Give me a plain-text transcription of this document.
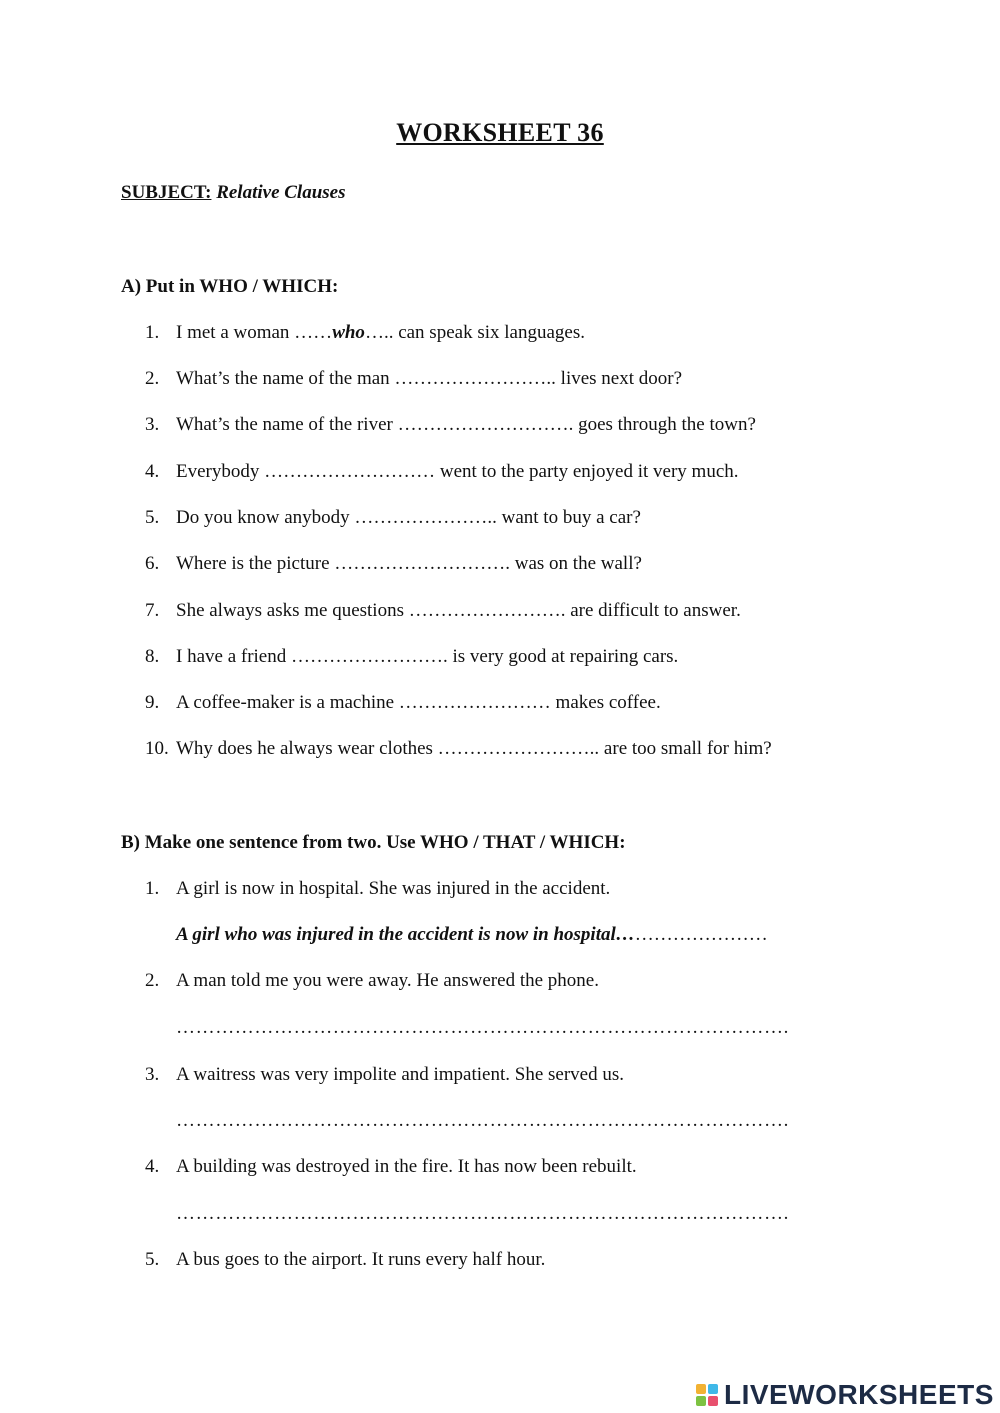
WORKSHEET 36
SUBJECT: Relative Clauses
A) Put in WHO / WHICH:
1. I met a woman ……who….. can speak six languages.
2. What’s the name of the man …………………….. lives next door?
3. What’s the name of the river ………………………. goes through the town?
4. Everybody ……………………… went to the party enjoyed it very much.
5. Do you know anybody ………………….. want to buy a car?
6. Where is the picture ………………………. was on the wall?
7. She always asks me questions ……………………. are difficult to answer.
8. I have a friend ……………………. is very good at repairing cars.
9. A coffee-maker is a machine …………………… makes coffee.
10. Why does he always wear clothes …………………….. are too small for him?
B) Make one sentence from two. Use WHO / THAT / WHICH:
1. A girl is now in hospital. She was injured in the accident.
A girl who was injured in the accident is now in hospital……………………
2. A man told me you were away. He answered the phone.
………………………………………………………………………………….
3. A waitress was very impolite and impatient. She served us.
………………………………………………………………………………….
4. A building was destroyed in the fire. It has now been rebuilt.
………………………………………………………………………………….
5. A bus goes to the airport. It runs every half hour.
LIVEWORKSHEETS
